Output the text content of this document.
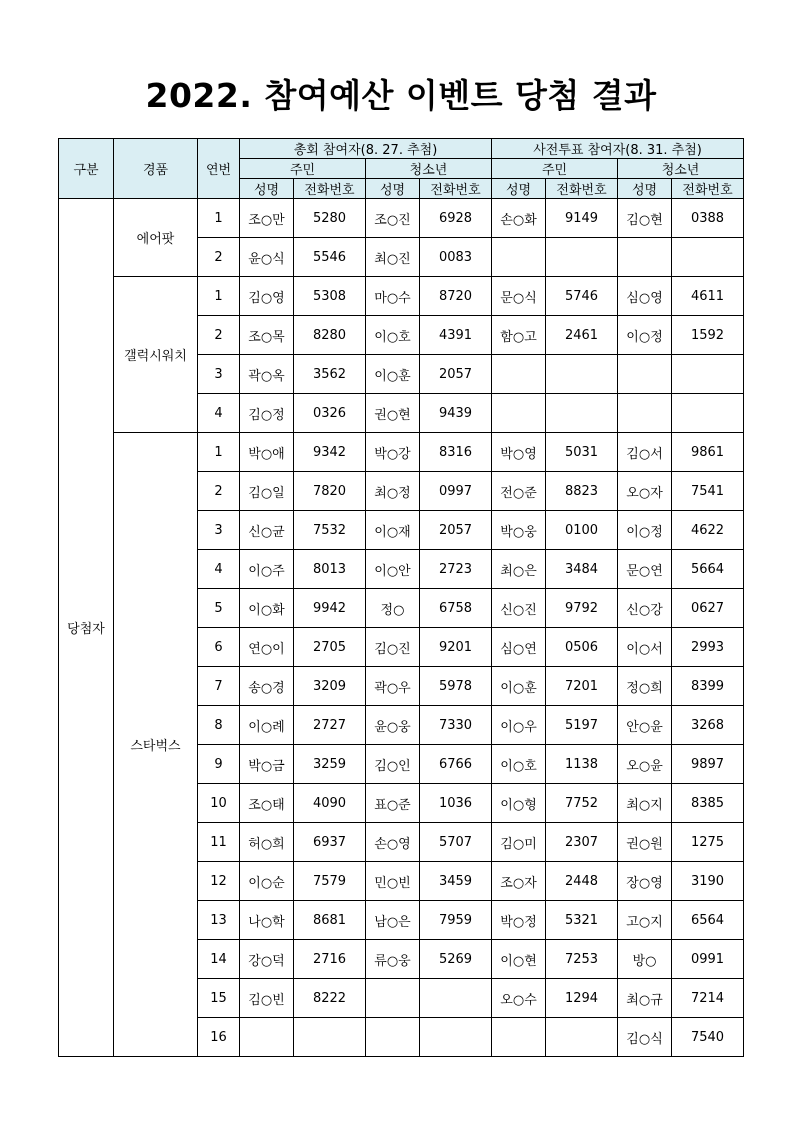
2022. 참여예산 이벤트 당첨 결과
구분	경품	연번	총회 참여자(8. 27. 추첨)				사전투표 참여자(8. 31. 추첨)			
			주민		청소년		주민		청소년	
			성명	전화번호	성명	전화번호	성명	전화번호	성명	전화번호
당첨자	에어팟	1	조○만	5280	조○진	6928	손○화	9149	김○현	0388
		2	윤○식	5546	최○진	0083				
	갤럭시워치	1	김○영	5308	마○수	8720	문○식	5746	심○영	4611
		2	조○목	8280	이○호	4391	함○고	2461	이○정	1592
		3	곽○옥	3562	이○훈	2057				
		4	김○정	0326	권○현	9439				
	스타벅스	1	박○애	9342	박○강	8316	박○영	5031	김○서	9861
		2	김○일	7820	최○정	0997	전○준	8823	오○자	7541
		3	신○균	7532	이○재	2057	박○웅	0100	이○정	4622
		4	이○주	8013	이○안	2723	최○은	3484	문○연	5664
		5	이○화	9942	정○	6758	신○진	9792	신○강	0627
		6	연○이	2705	김○진	9201	심○연	0506	이○서	2993
		7	송○경	3209	곽○우	5978	이○훈	7201	정○희	8399
		8	이○례	2727	윤○웅	7330	이○우	5197	안○윤	3268
		9	박○금	3259	김○인	6766	이○호	1138	오○윤	9897
		10	조○태	4090	표○준	1036	이○형	7752	최○지	8385
		11	허○희	6937	손○영	5707	김○미	2307	권○원	1275
		12	이○순	7579	민○빈	3459	조○자	2448	장○영	3190
		13	나○학	8681	남○은	7959	박○정	5321	고○지	6564
		14	강○덕	2716	류○웅	5269	이○현	7253	방○	0991
		15	김○빈	8222			오○수	1294	최○규	7214
		16							김○식	7540
